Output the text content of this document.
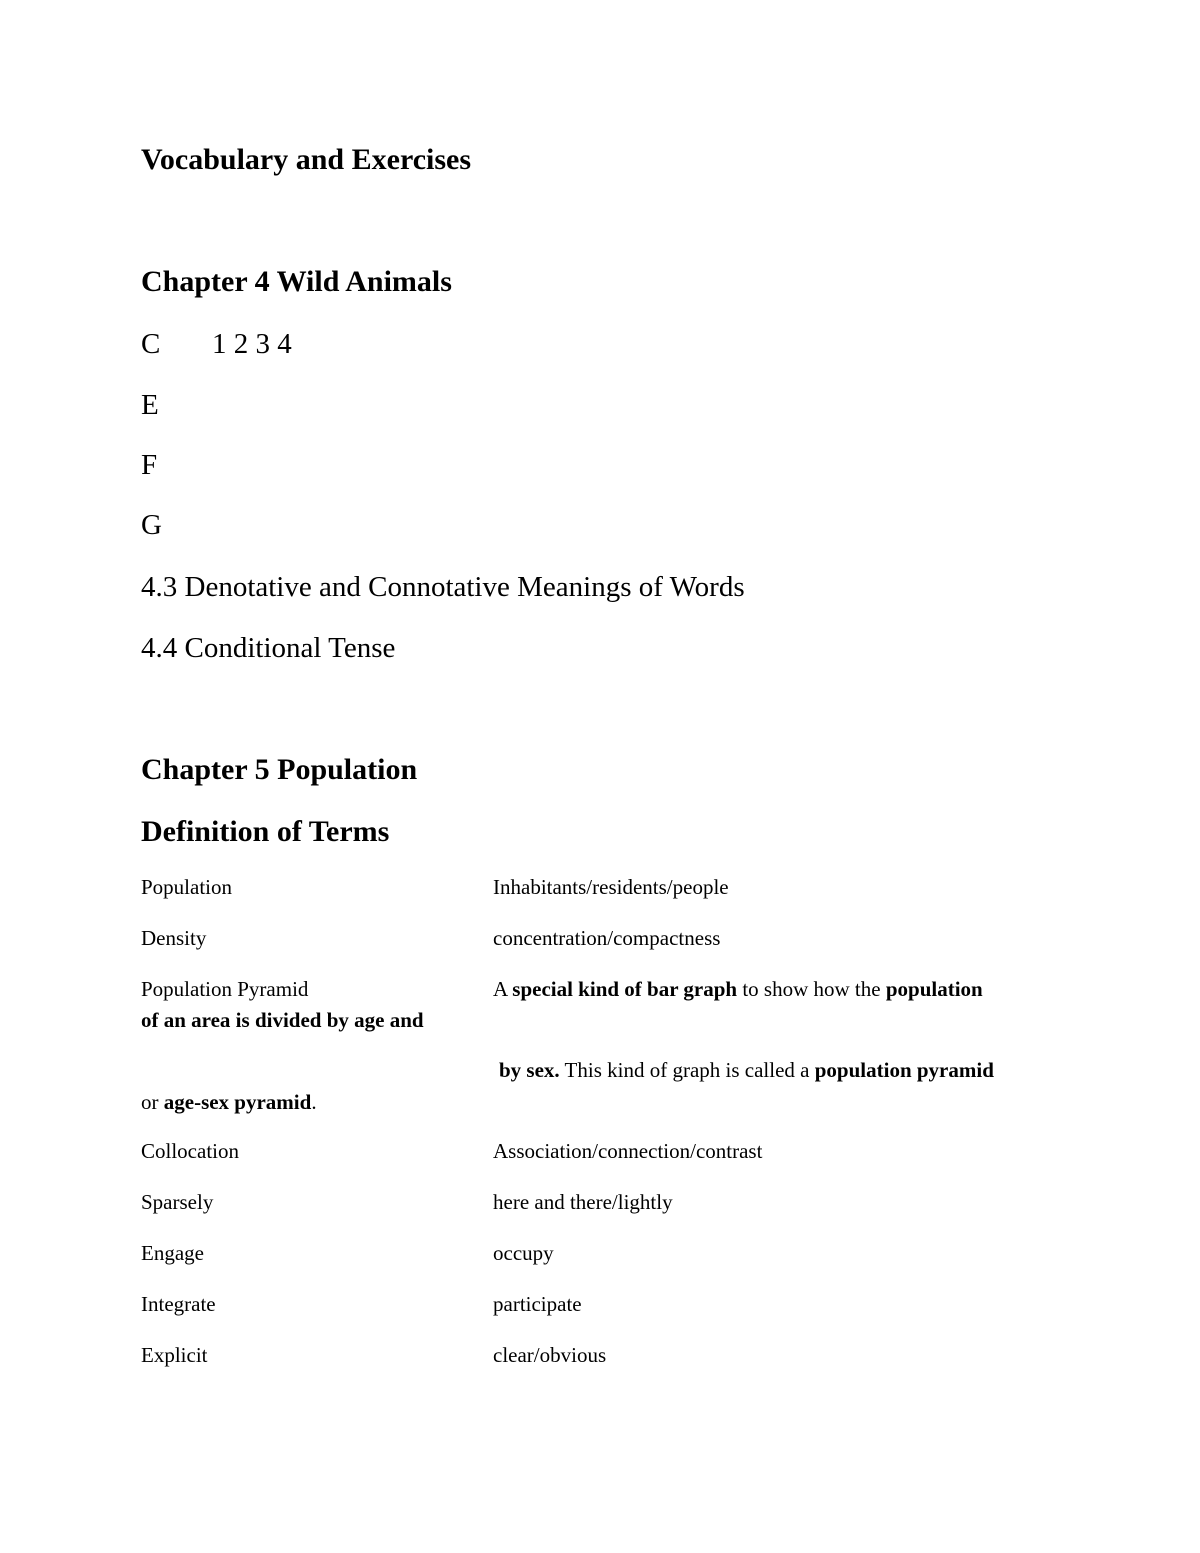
Vocabulary and Exercises
Chapter 4 Wild Animals
C 1 2 3 4
E
F
G
4.3 Denotative and Connotative Meanings of Words
4.4 Conditional Tense
Chapter 5 Population
Definition of Terms
Population	Inhabitants/residents/people
Density	concentration/compactness
Population Pyramid	A special kind of bar graph to show how the population
of an area is divided by age and
by sex. This kind of graph is called a population pyramid
or age-sex pyramid.
Collocation	Association/connection/contrast
Sparsely	here and there/lightly
Engage	occupy
Integrate	participate
Explicit	clear/obvious
